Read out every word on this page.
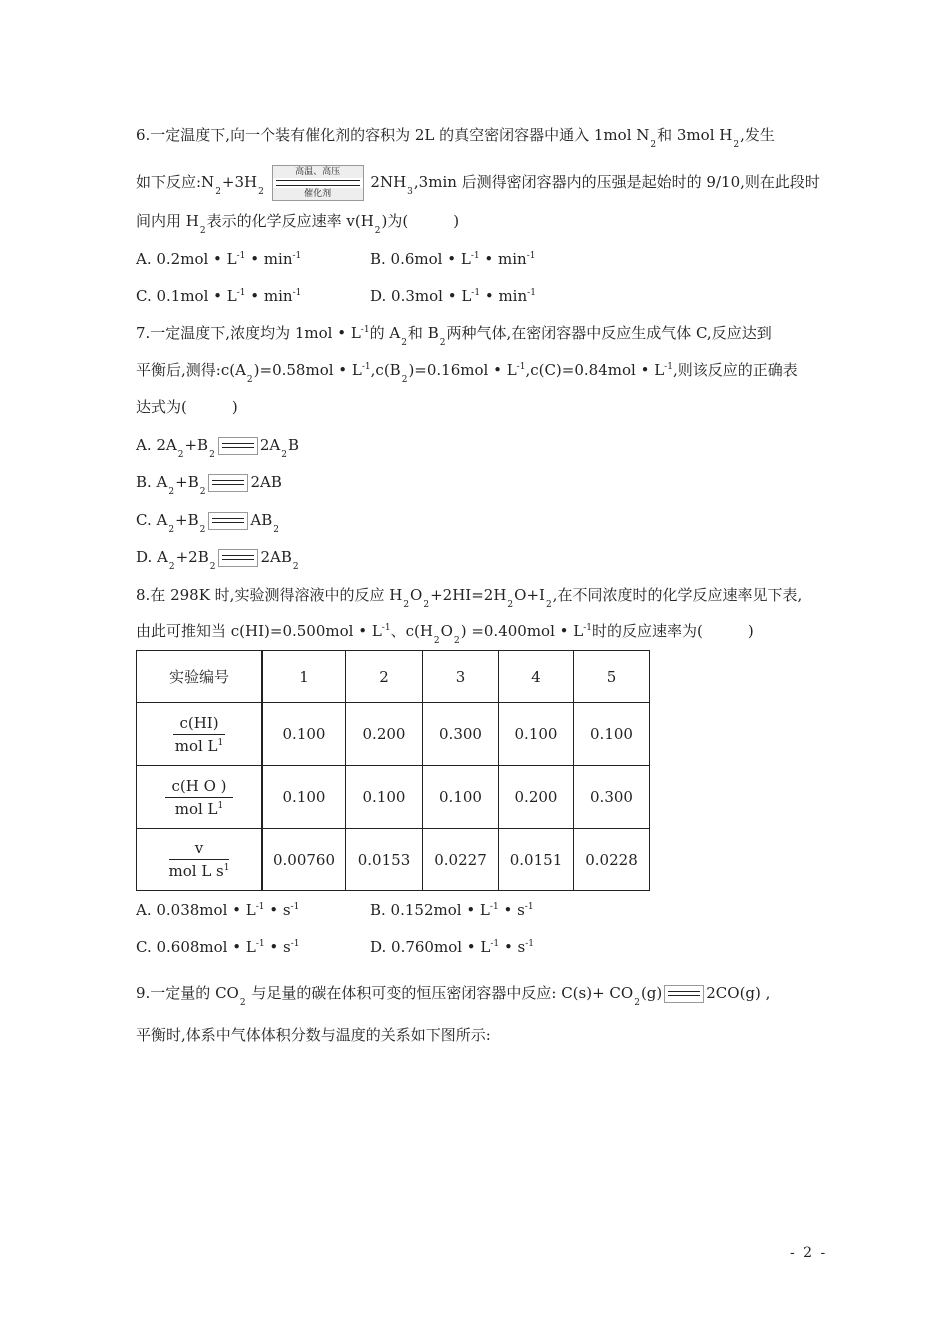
6.一定温度下,向一个装有催化剂的容积为 2L 的真空密闭容器中通入 1mol $N_2$和 3mol $H_2$,发生
如下反应$:N_2+3H_2$
高温、高压
催化剂
$2NH_3,3\min$ 后测得密闭容器内的压强是起始时的 9/10,则在此段时
间内用 $H_2$表示的化学反应速率 $v(H_2)$为(　　　)
A. 0.2mol • $L^{-1}$ • $\min^{-1}$	B. 0.6mol • $L^{-1}$ • $\min^{-1}$
C. 0.1mol • $L^{-1}$ • $\min^{-1}$	D. 0.3mol • $L^{-1}$ • $\min^{-1}$
7.一定温度下,浓度均为 1mol • $L^{-1}$的 $A_2$和 $B_2$两种气体,在密闭容器中反应生成气体 C,反应达到
平衡后,测得$:c(A_2)=0.58mol$ • $L^{-1},c(B_2)=0.16mol$ • $L^{-1},c(C)=0.84mol$ • $L^{-1}$,则该反应的正确表
达式为(　　　)
A. $2A_2+B_22A_2B$
B. $A_2+B_22AB$
C. $A_2+B_2AB_2$
D. $A_2+2B_22AB_2$
8.在 298K 时,实验测得溶液中的反应 $H_2O_2+2HI=2H_2O+I_2$,在不同浓度时的化学反应速率见下表,
由此可推知当 c(HI)=0.500mol • $L^{-1}$、$c(H_2O_2) =0.400mol$ • $L^{-1}$时的反应速率为(　　　)
实验编号	1	2	3	4	5

$\frac{c(HI)}{mol L^1}$	0.100	0.200	0.300	0.100	0.100

$\frac{\text{c(H O )}}{mol L^1}$	0.100	0.100	0.100	0.200	0.300

$\frac{v}{mol L s^1}$	0.00760	0.0153	0.0227	0.0151	0.0228
A. 0.038mol • $L^{-1}$ • $s^{-1}$	B. 0.152mol • $L^{-1}$ • $s^{-1}$
C. 0.608mol • $L^{-1}$ • $s^{-1}$	D. 0.760mol • $L^{-1}$ • $s^{-1}$
9.一定量的 $CO_2$ 与足量的碳在体积可变的恒压密闭容器中反应: $C(s)+ CO_2(g)$	2CO(g) ,
平衡时,体系中气体体积分数与温度的关系如下图所示:
- 2 -
